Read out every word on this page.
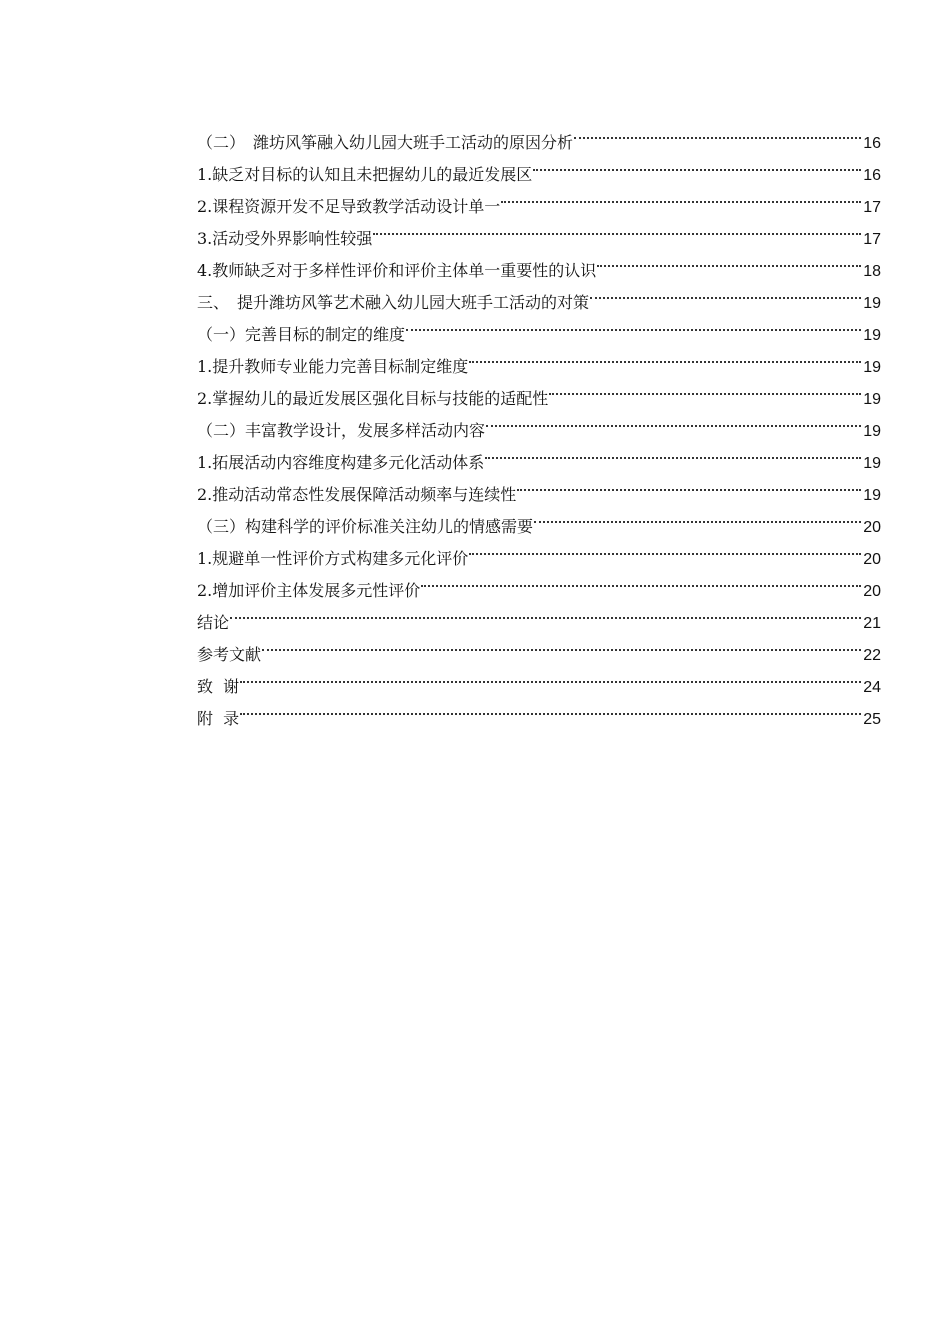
（二）　潍坊风筝融入幼儿园大班手工活动的原因分析	16
1.缺乏对目标的认知且未把握幼儿的最近发展区	16
2.课程资源开发不足导致教学活动设计单一	17
3.活动受外界影响性较强	17
4.教师缺乏对于多样性评价和评价主体单一重要性的认识	18
三、　提升潍坊风筝艺术融入幼儿园大班手工活动的对策	19
（一）完善目标的制定的维度	19
1.提升教师专业能力完善目标制定维度	19
2.掌握幼儿的最近发展区强化目标与技能的适配性	19
（二）丰富教学设计，发展多样活动内容	19
1.拓展活动内容维度构建多元化活动体系	19
2.推动活动常态性发展保障活动频率与连续性	19
（三）构建科学的评价标准关注幼儿的情感需要	20
1.规避单一性评价方式构建多元化评价	20
2.增加评价主体发展多元性评价	20
结论	21
参考文献	22
致  谢	24
附  录	25
